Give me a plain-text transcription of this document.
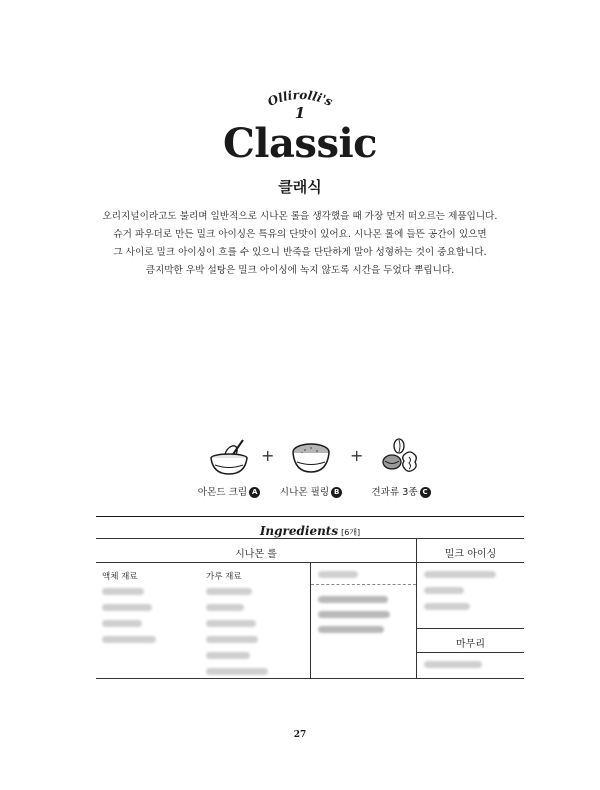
Ollirolli's
1
Classic
클래식
오리지널이라고도 불리며 일반적으로 시나몬 롤을 생각했을 때 가장 먼저 떠오르는 제품입니다.
슈거 파우더로 만든 밀크 아이싱은 특유의 단맛이 있어요. 시나몬 롤에 들뜬 공간이 있으면
그 사이로 밀크 아이싱이 흐를 수 있으니 반죽을 단단하게 말아 성형하는 것이 중요합니다.
큼지막한 우박 설탕은 밀크 아이싱에 녹지 않도록 시간을 두었다 뿌립니다.
아몬드 크림 A
+
시나몬 필링 B
+
견과류 3종 C
Ingredients [6개]
시나몬 롤	밀크 아이싱
액체 재료	가루 재료
마무리
27
